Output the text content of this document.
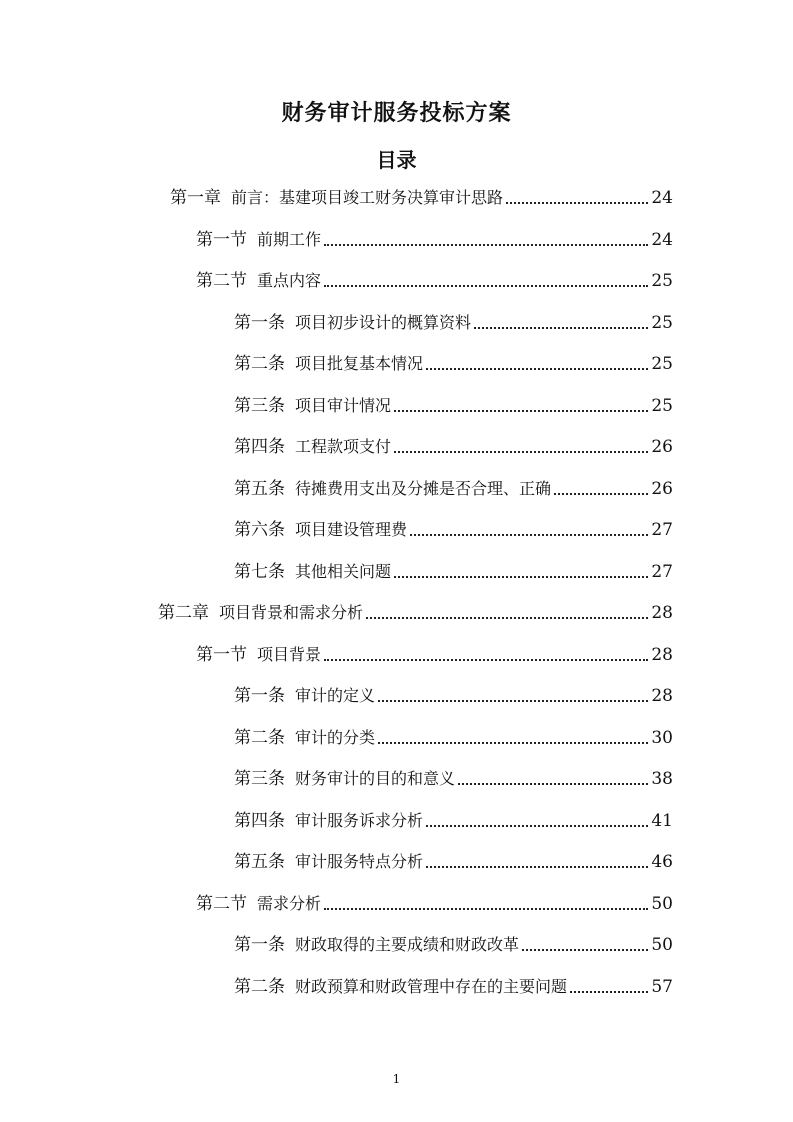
财务审计服务投标方案
目录
第一章 前言：基建项目竣工财务决算审计思路	24
第一节 前期工作	24
第二节 重点内容	25
第一条 项目初步设计的概算资料	25
第二条 项目批复基本情况	25
第三条 项目审计情况	25
第四条 工程款项支付	26
第五条 待摊费用支出及分摊是否合理、正确	26
第六条 项目建设管理费	27
第七条 其他相关问题	27
第二章 项目背景和需求分析	28
第一节 项目背景	28
第一条 审计的定义	28
第二条 审计的分类	30
第三条 财务审计的目的和意义	38
第四条 审计服务诉求分析	41
第五条 审计服务特点分析	46
第二节 需求分析	50
第一条 财政取得的主要成绩和财政改革	50
第二条 财政预算和财政管理中存在的主要问题	57
1
